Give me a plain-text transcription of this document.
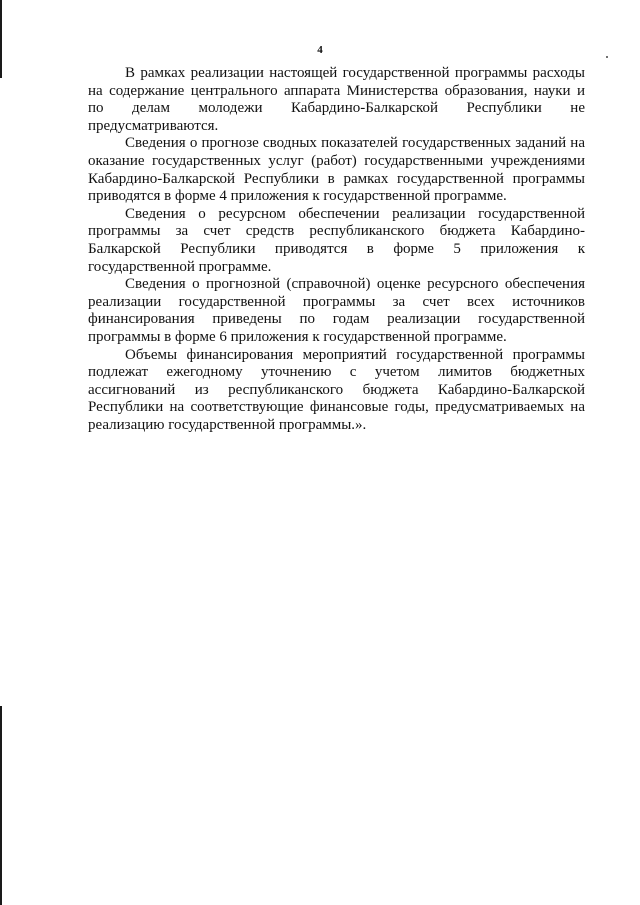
4

В рамках реализации настоящей государственной программы расходы на содержание центрального аппарата Министерства образования, науки и по делам молодежи Кабардино-Балкарской Республики не предусматриваются.

Сведения о прогнозе сводных показателей государственных заданий на оказание государственных услуг (работ) государственными учреждениями Кабардино-Балкарской Республики в рамках государственной программы приводятся в форме 4 приложения к государственной программе.

Сведения о ресурсном обеспечении реализации государственной программы за счет средств республиканского бюджета Кабардино-Балкарской Республики приводятся в форме 5 приложения к государственной программе.

Сведения о прогнозной (справочной) оценке ресурсного обеспечения реализации государственной программы за счет всех источников финансирования приведены по годам реализации государственной программы в форме 6 приложения к государственной программе.

Объемы финансирования мероприятий государственной программы подлежат ежегодному уточнению с учетом лимитов бюджетных ассигнований из республиканского бюджета Кабардино-Балкарской Республики на соответствующие финансовые годы, предусматриваемых на реализацию государственной программы.».
